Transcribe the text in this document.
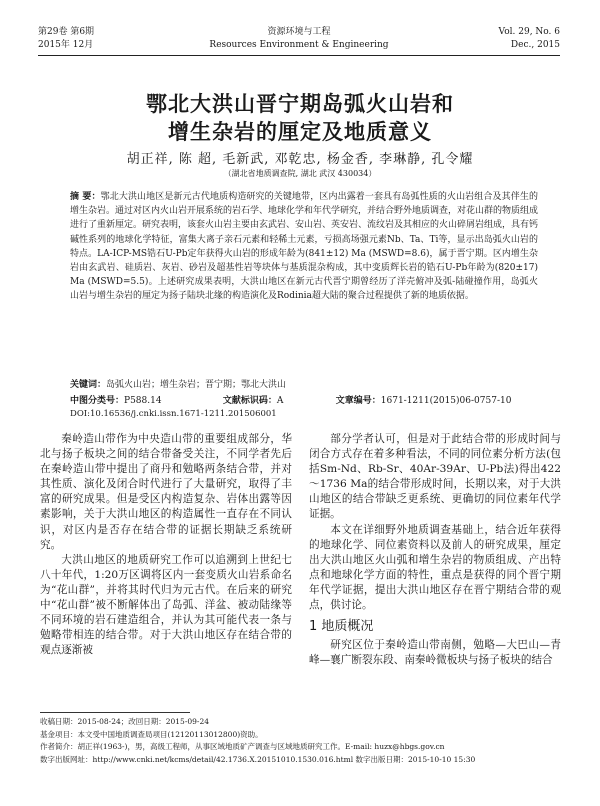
第29卷 第6期
2015年 12月
资源环境与工程
Resources Environment & Engineering
Vol. 29, No. 6
Dec., 2015
鄂北大洪山晋宁期岛弧火山岩和
增生杂岩的厘定及地质意义
胡正祥, 陈 超, 毛新武, 邓乾忠, 杨金香, 李琳静, 孔令耀
（湖北省地质调查院, 湖北 武汉 430034）
摘 要：鄂北大洪山地区是新元古代地质构造研究的关键地带，区内出露着一套具有岛弧性质的火山岩组合及其伴生的增生杂岩。通过对区内火山岩开展系统的岩石学、地球化学和年代学研究，并结合野外地质调查，对花山群的物质组成进行了重新厘定。研究表明，该套火山岩主要由玄武岩、安山岩、英安岩、流纹岩及其相应的火山碎屑岩组成，具有钙碱性系列的地球化学特征，富集大离子亲石元素和轻稀土元素，亏损高场强元素Nb、Ta、Ti等，显示出岛弧火山岩的特点。LA-ICP-MS锆石U-Pb定年获得火山岩的形成年龄为(841±12) Ma (MSWD=8.6)，属于晋宁期。区内增生杂岩由玄武岩、硅质岩、灰岩、砂岩及超基性岩等块体与基质混杂构成，其中变质辉长岩的锆石U-Pb年龄为(820±17) Ma (MSWD=5.5)。上述研究成果表明，大洪山地区在新元古代晋宁期曾经历了洋壳俯冲及弧-陆碰撞作用，岛弧火山岩与增生杂岩的厘定为扬子陆块北缘的构造演化及Rodinia超大陆的聚合过程提供了新的地质依据。
关键词：岛弧火山岩；增生杂岩；晋宁期；鄂北大洪山
中图分类号：P588.14	文献标识码：A	文章编号：1671-1211(2015)06-0757-10
DOI:10.16536/j.cnki.issn.1671-1211.201506001

秦岭造山带作为中央造山带的重要组成部分，华北与扬子板块之间的结合带备受关注，不同学者先后在秦岭造山带中提出了商丹和勉略两条结合带，并对其性质、演化及闭合时代进行了大量研究，取得了丰富的研究成果。但是受区内构造复杂、岩体出露等因素影响，关于大洪山地区的构造属性一直存在不同认识，对区内是否存在结合带的证据长期缺乏系统研究。

大洪山地区的地质研究工作可以追溯到上世纪七八十年代，1:20万区调将区内一套变质火山岩系命名为“花山群”，并将其时代归为元古代。在后来的研究中“花山群”被不断解体出了岛弧、洋盆、被动陆缘等不同环境的岩石建造组合，并认为其可能代表一条与勉略带相连的结合带。对于大洪山地区存在结合带的观点逐渐被

部分学者认可，但是对于此结合带的形成时间与闭合方式存在着多种看法，不同的同位素分析方法(包括Sm-Nd、Rb-Sr、40Ar-39Ar、U-Pb法)得出422～1736 Ma的结合带形成时间，长期以来，对于大洪山地区的结合带缺乏更系统、更确切的同位素年代学证据。

本文在详细野外地质调查基础上，结合近年获得的地球化学、同位素资料以及前人的研究成果，厘定出大洪山地区火山弧和增生杂岩的物质组成、产出特点和地球化学方面的特性，重点是获得的同个晋宁期年代学证据，提出大洪山地区存在晋宁期结合带的观点，供讨论。

1 地质概况

研究区位于秦岭造山带南侧，勉略—大巴山—青峰—襄广断裂东段、南秦岭微板块与扬子板块的结合

收稿日期：2015-08-24；改回日期：2015-09-24
基金项目：本文受中国地质调查局项目(12120113012800)资助。
作者简介：胡正祥(1963-)，男，高级工程师，从事区域地质矿产调查与区域地质研究工作。E-mail: huzx@hbgs.gov.cn
数字出版网址：http://www.cnki.net/kcms/detail/42.1736.X.20151010.1530.016.html 数字出版日期：2015-10-10 15:30
